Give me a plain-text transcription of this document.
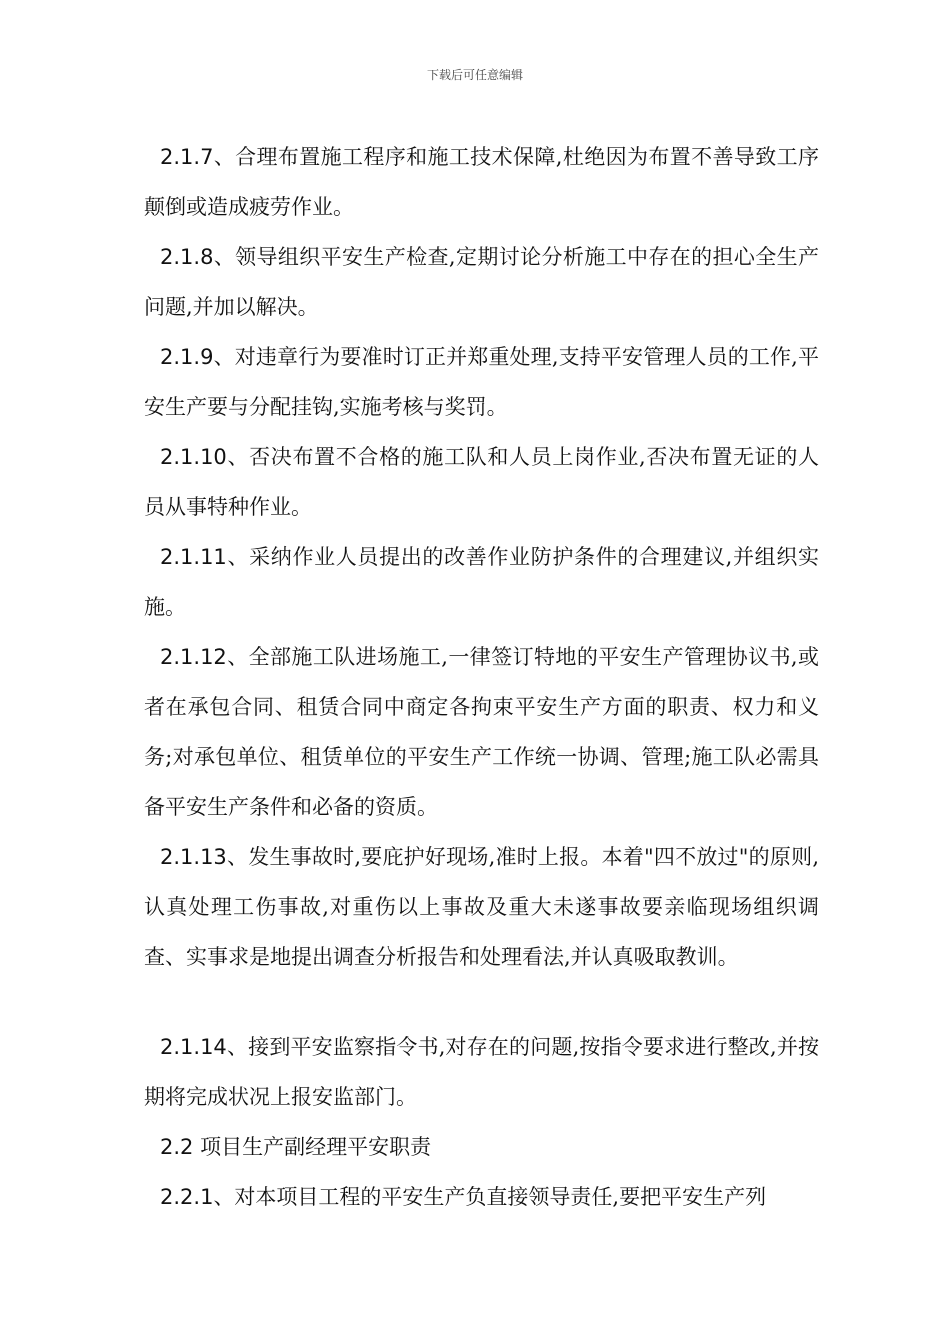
下载后可任意编辑

2.1.7、合理布置施工程序和施工技术保障,杜绝因为布置不善导致工序颠倒或造成疲劳作业。

2.1.8、领导组织平安生产检查,定期讨论分析施工中存在的担心全生产问题,并加以解决。

2.1.9、对违章行为要准时订正并郑重处理,支持平安管理人员的工作,平安生产要与分配挂钩,实施考核与奖罚。

2.1.10、否决布置不合格的施工队和人员上岗作业,否决布置无证的人员从事特种作业。

2.1.11、采纳作业人员提出的改善作业防护条件的合理建议,并组织实施。

2.1.12、全部施工队进场施工,一律签订特地的平安生产管理协议书,或者在承包合同、租赁合同中商定各拘束平安生产方面的职责、权力和义务;对承包单位、租赁单位的平安生产工作统一协调、管理;施工队必需具备平安生产条件和必备的资质。

2.1.13、发生事故时,要庇护好现场,准时上报。本着"四不放过"的原则,认真处理工伤事故,对重伤以上事故及重大未遂事故要亲临现场组织调查、实事求是地提出调查分析报告和处理看法,并认真吸取教训。

2.1.14、接到平安监察指令书,对存在的问题,按指令要求进行整改,并按期将完成状况上报安监部门。

2.2 项目生产副经理平安职责

2.2.1、对本项目工程的平安生产负直接领导责任,要把平安生产列
